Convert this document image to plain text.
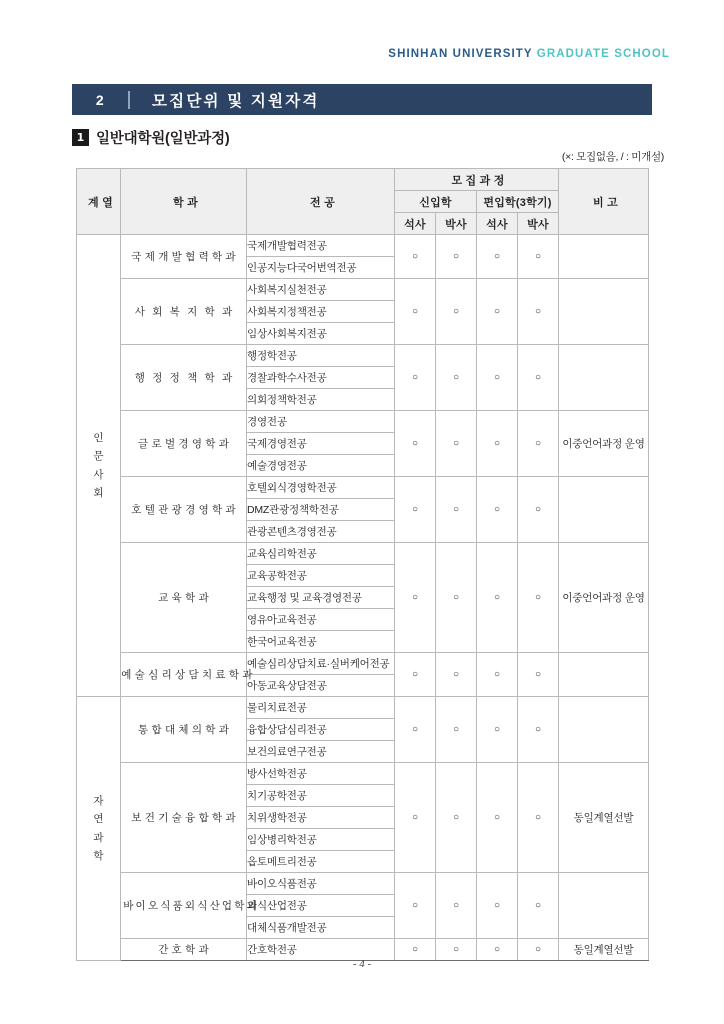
SHINHAN UNIVERSITY GRADUATE SCHOOL
2	모집단위 및 지원자격
1 일반대학원(일반과정)
(×: 모집없음, / : 미개설)
계 열	학 과	전 공	모 집 과 정				비 고
			신입학		편입학(3학기)		
			석사	박사	석사	박사	

인
문
사
회	국 제 개 발 협 력 학 과	국제개발협력전공	○	○	○	○	
		인공지능다국어번역전공					
	사 회 복 지 학 과	사회복지실천전공	○	○	○	○	
		사회복지정책전공					
		임상사회복지전공					
	행 정 정 책 학 과	행정학전공	○	○	○	○	
		경찰과학수사전공					
		의회정책학전공					
	글 로 벌 경 영 학 과	경영전공	○	○	○	○	이중언어과정 운영
		국제경영전공					
		예술경영전공					
	호 텔 관 광 경 영 학 과	호텔외식경영학전공	○	○	○	○	
		DMZ관광정책학전공					
		관광콘텐츠경영전공					
	교 육 학 과	교육심리학전공	○	○	○	○	이중언어과정 운영
		교육공학전공					
		교육행정 및 교육경영전공					
		영유아교육전공					
		한국어교육전공					
	예 술 심 리 상 담 치 료 학 과	예술심리상담치료·실버케어전공	○	○	○	○	
		아동교육상담전공					

자
연
과
학	통 합 대 체 의 학 과	물리치료전공	○	○	○	○	
		융합상담심리전공					
		보건의료연구전공					
	보 건 기 술 융 합 학 과	방사선학전공	○	○	○	○	동일계열선발
		치기공학전공					
		치위생학전공					
		임상병리학전공					
		옵토메트리전공					
	바이오식품외식산업학과	바이오식품전공	○	○	○	○	
		외식산업전공					
		대체식품개발전공					
	간 호 학 과	간호학전공	○	○	○	○	동일계열선발
- 4 -
